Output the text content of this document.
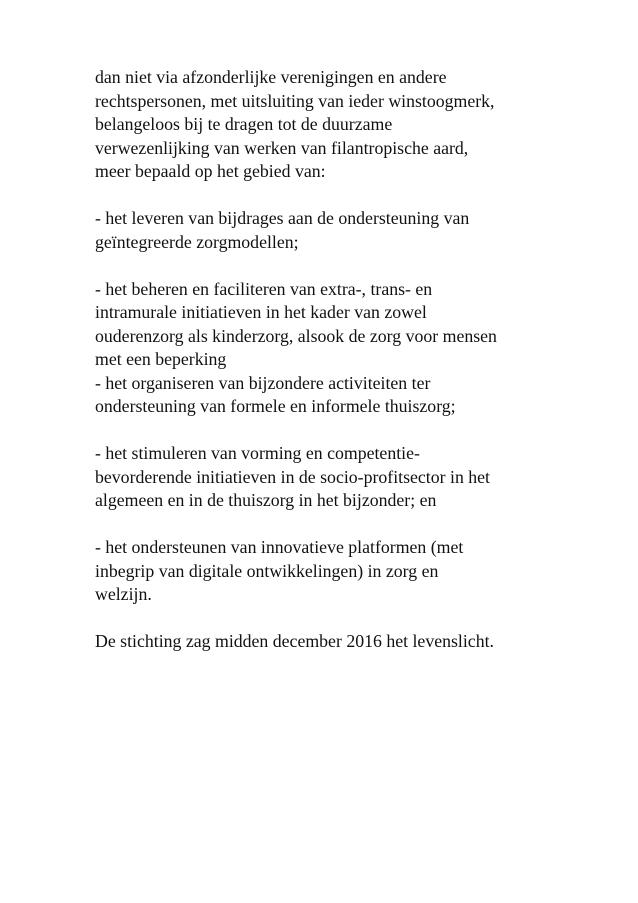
dan niet via afzonderlijke verenigingen en andere
rechtspersonen, met uitsluiting van ieder winstoogmerk,
belangeloos bij te dragen tot de duurzame
verwezenlijking van werken van filantropische aard,
meer bepaald op het gebied van:
- het leveren van bijdrages aan de ondersteuning van
geïntegreerde zorgmodellen;
- het beheren en faciliteren van extra-, trans- en
intramurale initiatieven in het kader van zowel
ouderenzorg als kinderzorg, alsook de zorg voor mensen
met een beperking
- het organiseren van bijzondere activiteiten ter
ondersteuning van formele en informele thuiszorg;
- het stimuleren van vorming en competentie-
bevorderende initiatieven in de socio-profitsector in het
algemeen en in de thuiszorg in het bijzonder; en
- het ondersteunen van innovatieve platformen (met
inbegrip van digitale ontwikkelingen) in zorg en
welzijn.
De stichting zag midden december 2016 het levenslicht.
